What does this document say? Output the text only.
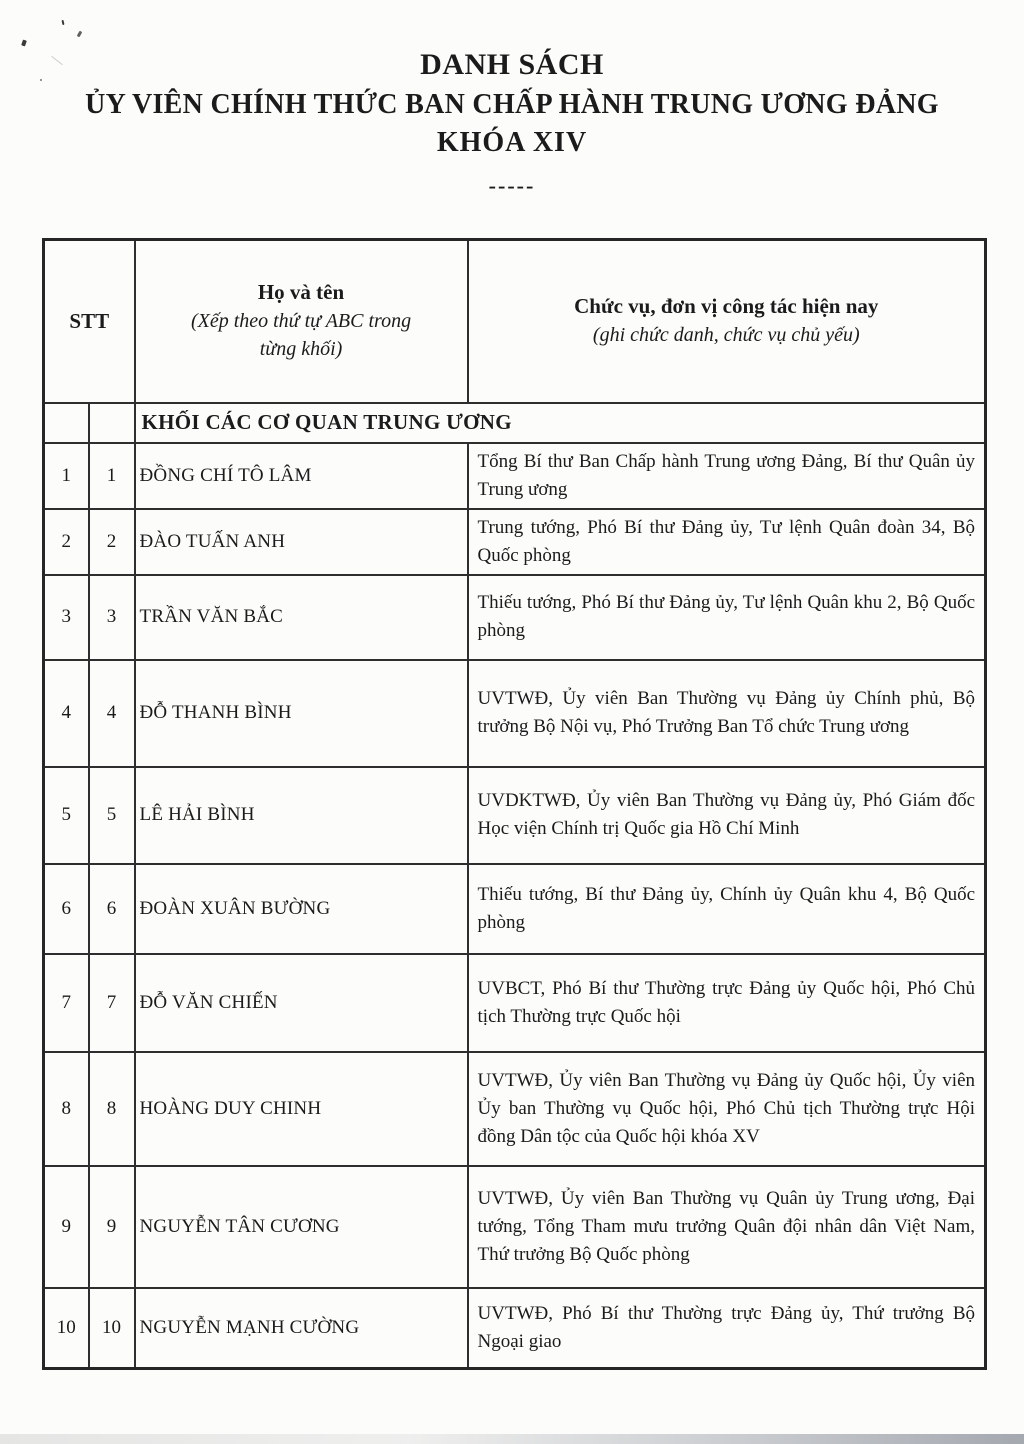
DANH SÁCH
ỦY VIÊN CHÍNH THỨC BAN CHẤP HÀNH TRUNG ƯƠNG ĐẢNG
KHÓA XIV
-----
STT

Họ và tên
(Xếp theo thứ tự ABC trong từng khối)

Chức vụ, đơn vị công tác hiện nay
(ghi chức danh, chức vụ chủ yếu)

		KHỐI CÁC CƠ QUAN TRUNG ƯƠNG	
1	1	ĐỒNG CHÍ TÔ LÂM	Tổng Bí thư Ban Chấp hành Trung ương Đảng, Bí thư Quân ủy Trung ương
2	2	ĐÀO TUẤN ANH	Trung tướng, Phó Bí thư Đảng ủy, Tư lệnh Quân đoàn 34, Bộ Quốc phòng
3	3	TRẦN VĂN BẮC	Thiếu tướng, Phó Bí thư Đảng ủy, Tư lệnh Quân khu 2, Bộ Quốc phòng
4	4	ĐỖ THANH BÌNH	UVTWĐ, Ủy viên Ban Thường vụ Đảng ủy Chính phủ, Bộ trưởng Bộ Nội vụ, Phó Trưởng Ban Tổ chức Trung ương
5	5	LÊ HẢI BÌNH	UVDKTWĐ, Ủy viên Ban Thường vụ Đảng ủy, Phó Giám đốc Học viện Chính trị Quốc gia Hồ Chí Minh
6	6	ĐOÀN XUÂN BƯỜNG	Thiếu tướng, Bí thư Đảng ủy, Chính ủy Quân khu 4, Bộ Quốc phòng
7	7	ĐỖ VĂN CHIẾN	UVBCT, Phó Bí thư Thường trực Đảng ủy Quốc hội, Phó Chủ tịch Thường trực Quốc hội
8	8	HOÀNG DUY CHINH	UVTWĐ, Ủy viên Ban Thường vụ Đảng ủy Quốc hội, Ủy viên Ủy ban Thường vụ Quốc hội, Phó Chủ tịch Thường trực Hội đồng Dân tộc của Quốc hội khóa XV
9	9	NGUYỄN TÂN CƯƠNG	UVTWĐ, Ủy viên Ban Thường vụ Quân ủy Trung ương, Đại tướng, Tổng Tham mưu trưởng Quân đội nhân dân Việt Nam, Thứ trưởng Bộ Quốc phòng
10	10	NGUYỄN MẠNH CƯỜNG	UVTWĐ, Phó Bí thư Thường trực Đảng ủy, Thứ trưởng Bộ Ngoại giao
